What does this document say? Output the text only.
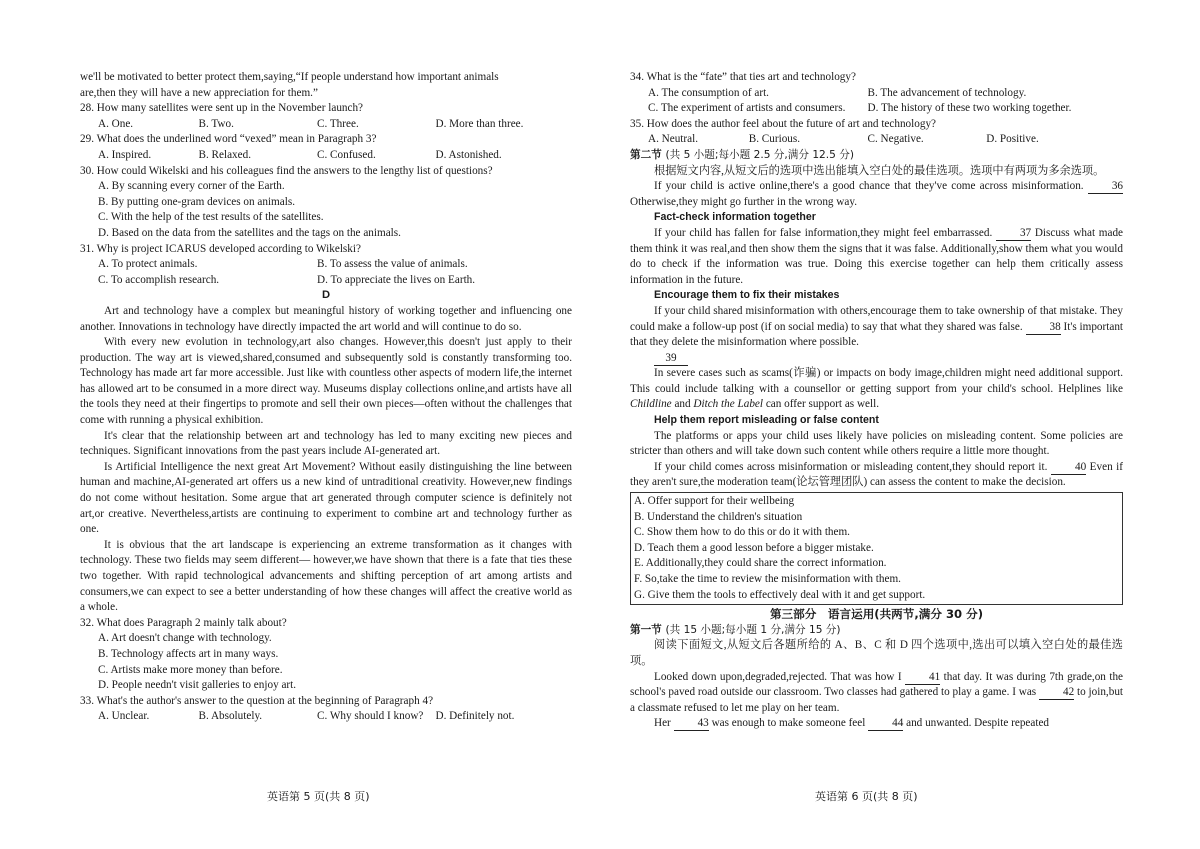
we'll be motivated to better protect them,saying,“If people understand how important animals
are,then they will have a new appreciation for them.”
28. How many satellites were sent up in the November launch?
A. One.	B. Two.	C. Three.	D. More than three.
29. What does the underlined word “vexed” mean in Paragraph 3?
A. Inspired.	B. Relaxed.	C. Confused.	D. Astonished.
30. How could Wikelski and his colleagues find the answers to the lengthy list of questions?
A. By scanning every corner of the Earth.
B. By putting one-gram devices on animals.
C. With the help of the test results of the satellites.
D. Based on the data from the satellites and the tags on the animals.
31. Why is project ICARUS developed according to Wikelski?
A. To protect animals.	B. To assess the value of animals.
C. To accomplish research.	D. To appreciate the lives on Earth.
D

Art and technology have a complex but meaningful history of working together and influencing one another. Innovations in technology have directly impacted the art world and will continue to do so.

With every new evolution in technology,art also changes. However,this doesn't just apply to their production. The way art is viewed,shared,consumed and subsequently sold is constantly transforming too. Technology has made art far more accessible. Just like with countless other aspects of modern life,the internet has allowed art to be consumed in a more direct way. Museums display collections online,and artists have all the tools they need at their fingertips to promote and sell their own pieces—often without the challenges that come with running a physical exhibition.

It's clear that the relationship between art and technology has led to many exciting new pieces and techniques. Significant innovations from the past years include AI-generated art.

Is Artificial Intelligence the next great Art Movement? Without easily distinguishing the line between human and machine,AI-generated art offers us a new kind of untraditional creativity. However,new findings do not come without hesitation. Some argue that art generated through computer science is definitely not art,or creative. Nevertheless,artists are continuing to experiment to combine art and technology further as one.

It is obvious that the art landscape is experiencing an extreme transformation as it changes with technology. These two fields may seem different— however,we have shown that there is a fate that ties these two together. With rapid technological advancements and shifting perception of art among artists and consumers,we can expect to see a better understanding of how these changes will affect the creative world as a whole.

32. What does Paragraph 2 mainly talk about?
A. Art doesn't change with technology.
B. Technology affects art in many ways.
C. Artists make more money than before.
D. People needn't visit galleries to enjoy art.
33. What's the author's answer to the question at the beginning of Paragraph 4?
A. Unclear.	B. Absolutely.	C. Why should I know?	D. Definitely not.
34. What is the “fate” that ties art and technology?
A. The consumption of art.	B. The advancement of technology.
C. The experiment of artists and consumers.	D. The history of these two working together.
35. How does the author feel about the future of art and technology?
A. Neutral.	B. Curious.	C. Negative.	D. Positive.
第二节 (共 5 小题;每小题 2.5 分,满分 12.5 分)

根据短文内容,从短文后的选项中选出能填入空白处的最佳选项。选项中有两项为多余选项。

If your child is active online,there's a good chance that they've come across misinformation.	36 Otherwise,they might go further in the wrong way.

Fact-check information together

If your child has fallen for false information,they might feel embarrassed. 37 Discuss what made them think it was real,and then show them the signs that it was false. Additionally,show them what you would do to check if the information was true. Doing this exercise together can help them critically assess information in the future.

Encourage them to fix their mistakes

If your child shared misinformation with others,encourage them to take ownership of that mistake. They could make a follow-up post (if on social media) to say that what they shared was false. 38 It's important that they delete the misinformation where possible.

39

In severe cases such as scams(诈骗) or impacts on body image,children might need additional support. This could include talking with a counsellor or getting support from your child's school. Helplines like Childline and Ditch the Label can offer support as well.

Help them report misleading or false content

The platforms or apps your child uses likely have policies on misleading content. Some policies are stricter than others and will take down such content while others require a little more thought.

If your child comes across misinformation or misleading content,they should report it. 40 Even if they aren't sure,the moderation team(论坛管理团队) can assess the content to make the decision.

A. Offer support for their wellbeing
B. Understand the children's situation
C. Show them how to do this or do it with them.
D. Teach them a good lesson before a bigger mistake.
E. Additionally,they could share the correct information.
F. So,take the time to review the misinformation with them.
G. Give them the tools to effectively deal with it and get support.
第三部分　语言运用(共两节,满分 30 分)
第一节 (共 15 小题;每小题 1 分,满分 15 分)

阅读下面短文,从短文后各题所给的 A、B、C 和 D 四个选项中,选出可以填入空白处的最佳选项。

Looked down upon,degraded,rejected. That was how I 41 that day. It was during 7th grade,on the school's paved road outside our classroom. Two classes had gathered to play a game. I was 42 to join,but a classmate refused to let me play on her team.

Her 43 was enough to make someone feel 44 and unwanted. Despite repeated

英语第 5 页(共 8 页)	英语第 6 页(共 8 页)
